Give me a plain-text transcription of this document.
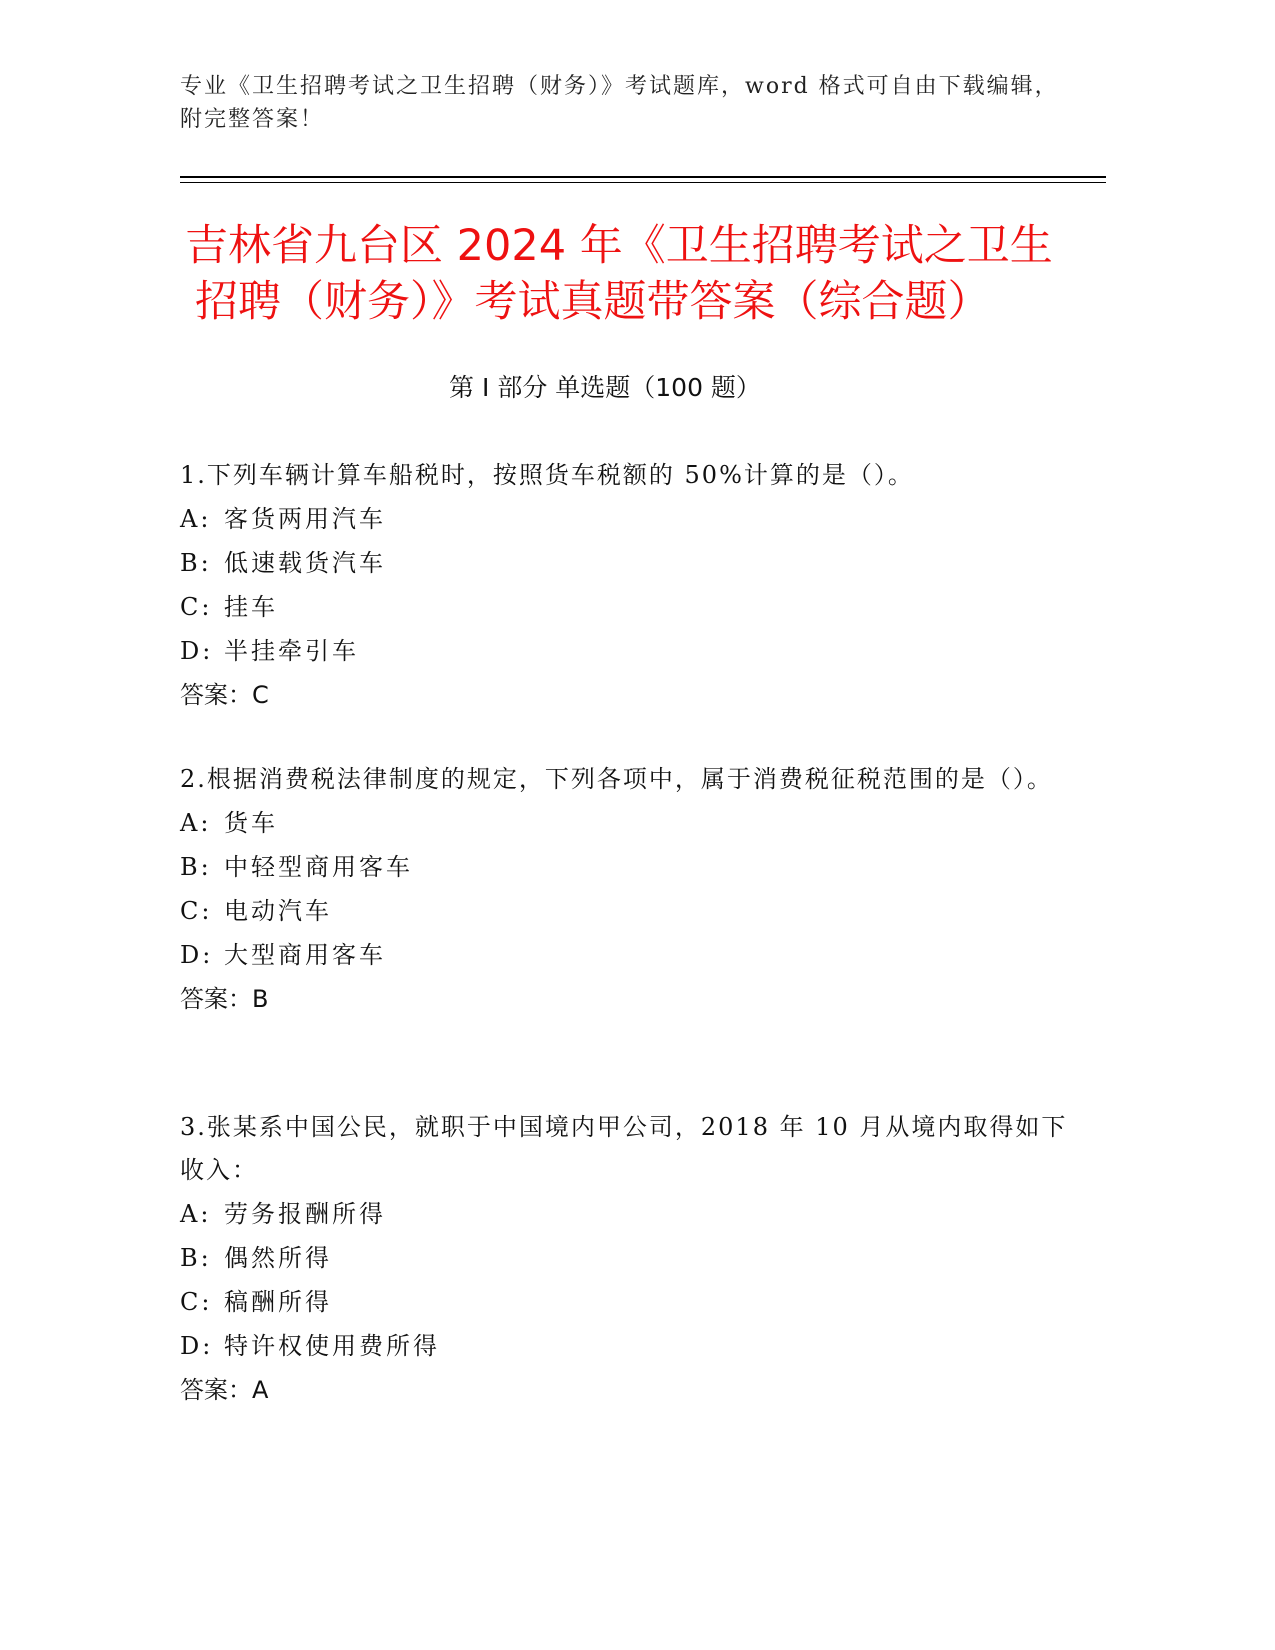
专业《卫生招聘考试之卫生招聘（财务）》考试题库，word 格式可自由下载编辑，附完整答案！
吉林省九台区 2024 年《卫生招聘考试之卫生
招聘（财务）》考试真题带答案（综合题）
第 I 部分 单选题（100 题）

1.下列车辆计算车船税时，按照货车税额的 50%计算的是（）。

A: 客货两用汽车

B: 低速载货汽车

C: 挂车

D: 半挂牵引车

答案：C

2.根据消费税法律制度的规定，下列各项中，属于消费税征税范围的是（）。

A: 货车

B: 中轻型商用客车

C: 电动汽车

D: 大型商用客车

答案：B

3.张某系中国公民，就职于中国境内甲公司，2018 年 10 月从境内取得如下收入：

A: 劳务报酬所得

B: 偶然所得

C: 稿酬所得

D: 特许权使用费所得

答案：A
